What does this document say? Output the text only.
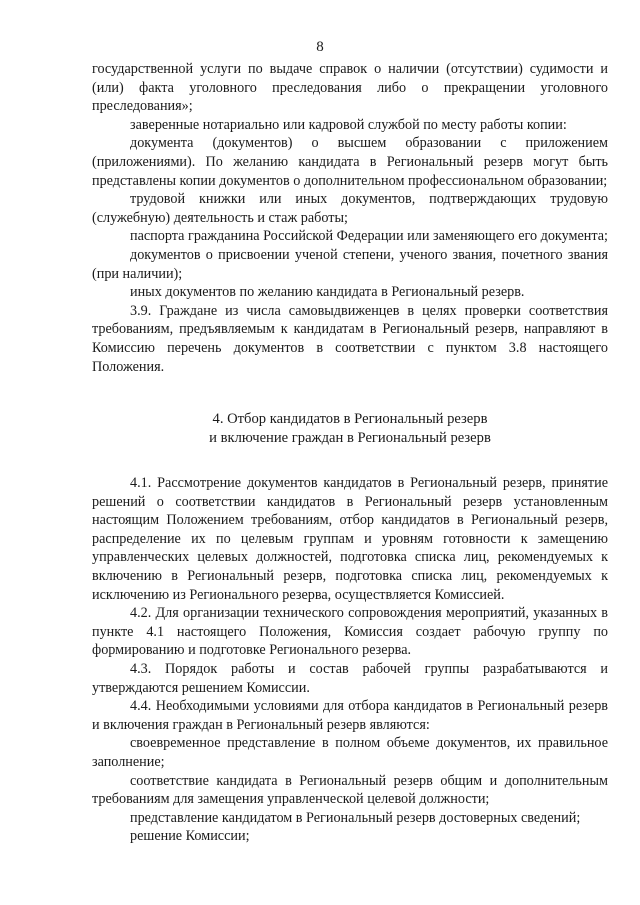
8

государственной услуги по выдаче справок о наличии (отсутствии) судимости и (или) факта уголовного преследования либо о прекращении уголовного преследования»;

заверенные нотариально или кадровой службой по месту работы копии:

документа (документов) о высшем образовании с приложением (приложениями). По желанию кандидата в Региональный резерв могут быть представлены копии документов о дополнительном профессиональном образовании;

трудовой книжки или иных документов, подтверждающих трудовую (служебную) деятельность и стаж работы;

паспорта гражданина Российской Федерации или заменяющего его документа;

документов о присвоении ученой степени, ученого звания, почетного звания (при наличии);

иных документов по желанию кандидата в Региональный резерв.

3.9. Граждане из числа самовыдвиженцев в целях проверки соответствия требованиям, предъявляемым к кандидатам в Региональный резерв, направляют в Комиссию перечень документов в соответствии с пунктом 3.8 настоящего Положения.

4. Отбор кандидатов в Региональный резерв
и включение граждан в Региональный резерв

4.1. Рассмотрение документов кандидатов в Региональный резерв, принятие решений о соответствии кандидатов в Региональный резерв установленным настоящим Положением требованиям, отбор кандидатов в Региональный резерв, распределение их по целевым группам и уровням готовности к замещению управленческих целевых должностей, подготовка списка лиц, рекомендуемых к включению в Региональный резерв, подготовка списка лиц, рекомендуемых к исключению из Регионального резерва, осуществляется Комиссией.

4.2. Для организации технического сопровождения мероприятий, указанных в пункте 4.1 настоящего Положения, Комиссия создает рабочую группу по формированию и подготовке Регионального резерва.

4.3. Порядок работы и состав рабочей группы разрабатываются и утверждаются решением Комиссии.

4.4. Необходимыми условиями для отбора кандидатов в Региональный резерв и включения граждан в Региональный резерв являются:

своевременное представление в полном объеме документов, их правильное заполнение;

соответствие кандидата в Региональный резерв общим и дополнительным требованиям для замещения управленческой целевой должности;

представление кандидатом в Региональный резерв достоверных сведений;

решение Комиссии;
